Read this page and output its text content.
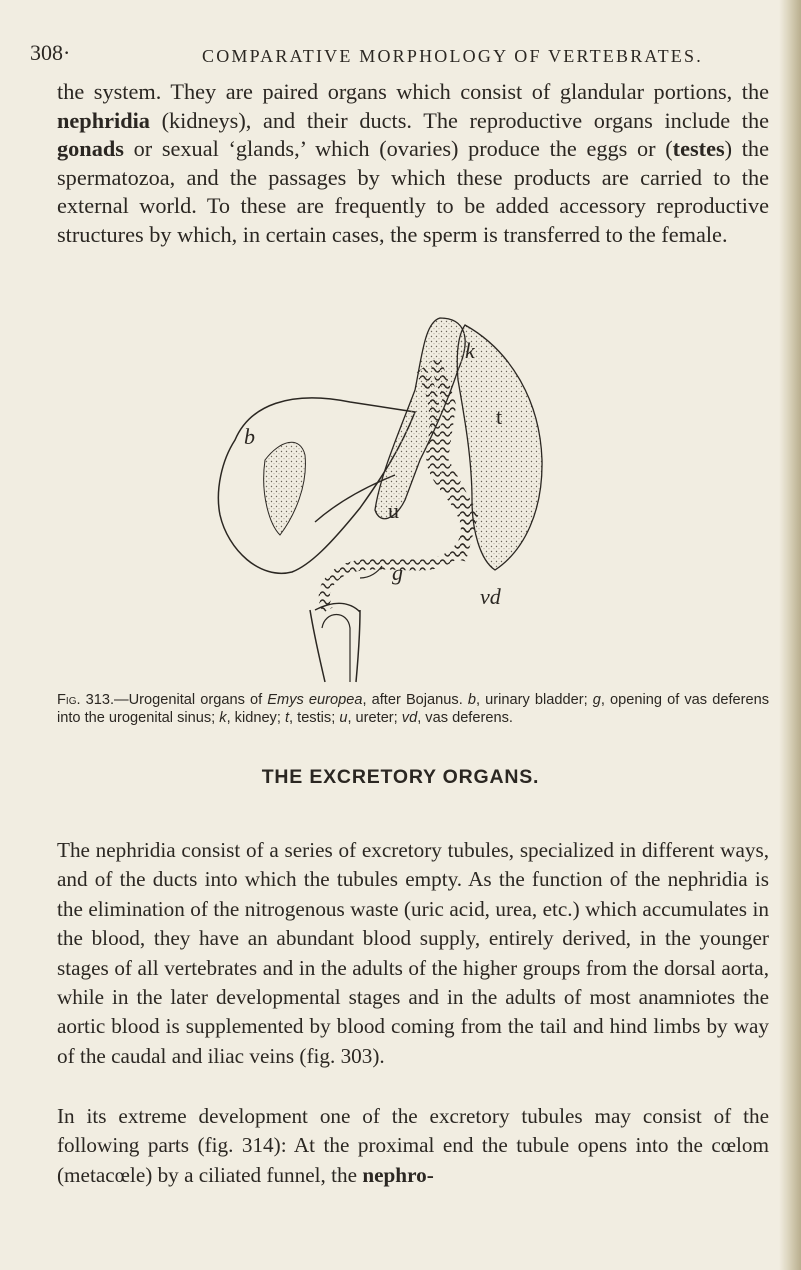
308·	COMPARATIVE MORPHOLOGY OF VERTEBRATES.

the system. They are paired organs which consist of glandular portions, the nephridia (kidneys), and their ducts. The reproductive organs include the gonads or sexual ‘glands,’ which (ovaries) produce the eggs or (testes) the spermatozoa, and the passages by which these products are carried to the external world. To these are frequently to be added accessory reproductive structures by which, in certain cases, the sperm is transferred to the female.

k
t
b
u
g
vd

Fig. 313.—Urogenital organs of Emys europea, after Bojanus. b, urinary bladder; g, opening of vas deferens into the urogenital sinus; k, kidney; t, testis; u, ureter; vd, vas deferens.

THE EXCRETORY ORGANS.

The nephridia consist of a series of excretory tubules, specialized in different ways, and of the ducts into which the tubules empty. As the function of the nephridia is the elimination of the nitrogenous waste (uric acid, urea, etc.) which accumulates in the blood, they have an abundant blood supply, entirely derived, in the younger stages of all vertebrates and in the adults of the higher groups from the dorsal aorta, while in the later developmental stages and in the adults of most anamniotes the aortic blood is supplemented by blood coming from the tail and hind limbs by way of the caudal and iliac veins (fig. 303).

In its extreme development one of the excretory tubules may consist of the following parts (fig. 314): At the proximal end the tubule opens into the cœlom (metacœle) by a ciliated funnel, the nephro-
